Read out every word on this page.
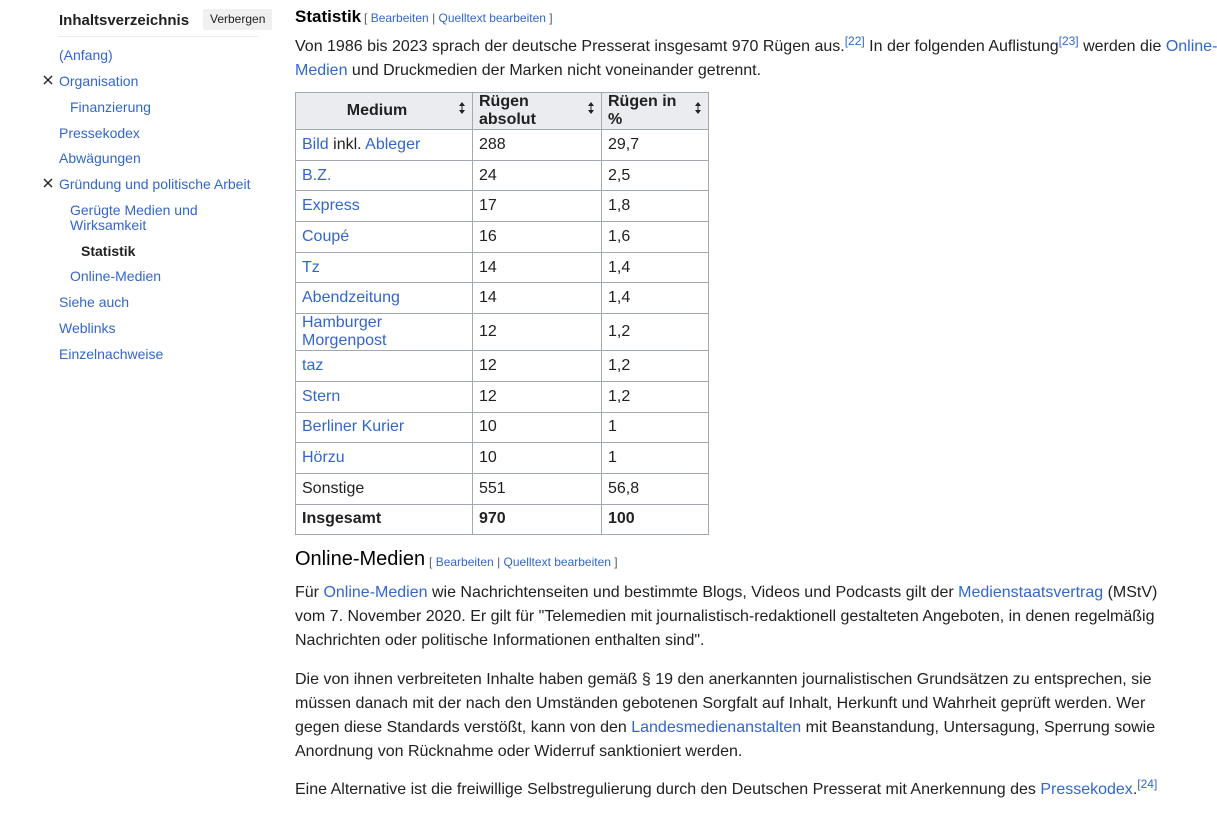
Inhaltsverzeichnis	Verbergen
(Anfang)
Organisation
Finanzierung
Pressekodex
Abwägungen
Gründung und politische Arbeit
Gerügte Medien und
Wirksamkeit
Statistik
Online-Medien
Siehe auch
Weblinks
Einzelnachweise
Statistik [ Bearbeiten | Quelltext bearbeiten ]
Von 1986 bis 2023 sprach der deutsche Presserat insgesamt 970 Rügen aus.[22] In der folgenden Auflistung[23] werden die Online-
Medien und Druckmedien der Marken nicht voneinander getrennt.
Medium	Rügen absolut	Rügen in %

Bild inkl. Ableger	288	29,7
B.Z.	24	2,5
Express	17	1,8
Coupé	16	1,6
Tz	14	1,4
Abendzeitung	14	1,4
Hamburger Morgenpost	12	1,2
taz	12	1,2
Stern	12	1,2
Berliner Kurier	10	1
Hörzu	10	1
Sonstige	551	56,8
Insgesamt	970	100
Online-Medien [ Bearbeiten | Quelltext bearbeiten ]

Für Online-Medien wie Nachrichtenseiten und bestimmte Blogs, Videos und Podcasts gilt der Medienstaatsvertrag (MStV) vom 7. November 2020. Er gilt für "Telemedien mit journalistisch-redaktionell gestalteten Angeboten, in denen regelmäßig Nachrichten oder politische Informationen enthalten sind".

Die von ihnen verbreiteten Inhalte haben gemäß § 19 den anerkannten journalistischen Grundsätzen zu entsprechen, sie müssen danach mit der nach den Umständen gebotenen Sorgfalt auf Inhalt, Herkunft und Wahrheit geprüft werden. Wer gegen diese Standards verstößt, kann von den Landesmedienanstalten mit Beanstandung, Untersagung, Sperrung sowie Anordnung von Rücknahme oder Widerruf sanktioniert werden.

Eine Alternative ist die freiwillige Selbstregulierung durch den Deutschen Presserat mit Anerkennung des Pressekodex.[24]
